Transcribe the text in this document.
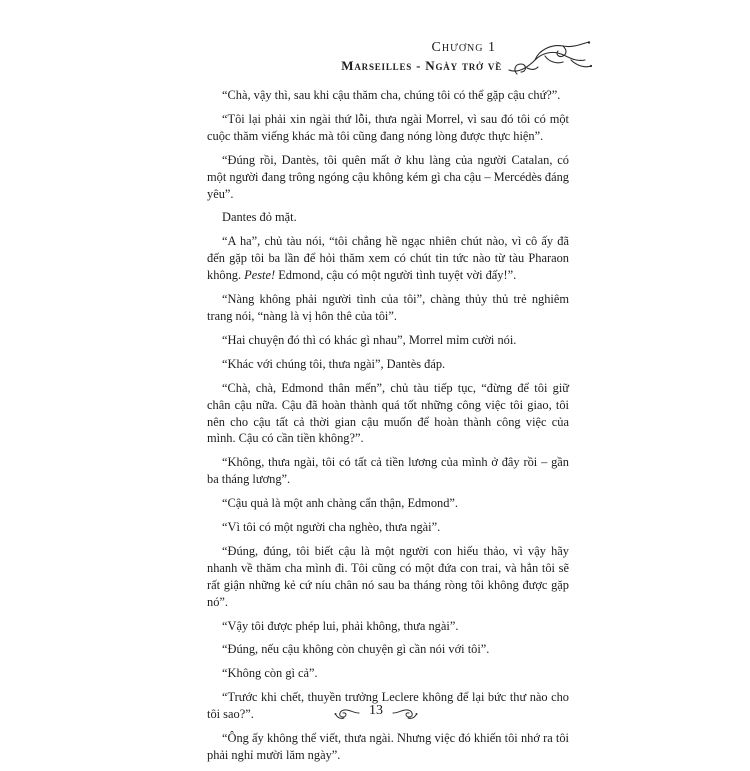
Chương 1
Marseilles - Ngày trở về

“Chà, vậy thì, sau khi cậu thăm cha, chúng tôi có thể gặp cậu chứ?”.

“Tôi lại phải xin ngài thứ lỗi, thưa ngài Morrel, vì sau đó tôi có một cuộc thăm viếng khác mà tôi cũng đang nóng lòng được thực hiện”.

“Đúng rồi, Dantès, tôi quên mất ở khu làng của người Catalan, có một người đang trông ngóng cậu không kém gì cha cậu – Mercédès đáng yêu”.

Dantes đỏ mặt.

“A ha”, chủ tàu nói, “tôi chẳng hề ngạc nhiên chút nào, vì cô ấy đã đến gặp tôi ba lần để hỏi thăm xem có chút tin tức nào từ tàu Pharaon không. Peste! Edmond, cậu có một người tình tuyệt vời đấy!”.

“Nàng không phải người tình của tôi”, chàng thủy thủ trẻ nghiêm trang nói, “nàng là vị hôn thê của tôi”.

“Hai chuyện đó thì có khác gì nhau”, Morrel mỉm cười nói.

“Khác với chúng tôi, thưa ngài”, Dantès đáp.

“Chà, chà, Edmond thân mến”, chủ tàu tiếp tục, “đừng để tôi giữ chân cậu nữa. Cậu đã hoàn thành quá tốt những công việc tôi giao, tôi nên cho cậu tất cả thời gian cậu muốn để hoàn thành công việc của mình. Cậu có cần tiền không?”.

“Không, thưa ngài, tôi có tất cả tiền lương của mình ở đây rồi – gần ba tháng lương”.

“Cậu quả là một anh chàng cẩn thận, Edmond”.

“Vì tôi có một người cha nghèo, thưa ngài”.

“Đúng, đúng, tôi biết cậu là một người con hiếu thảo, vì vậy hãy nhanh về thăm cha mình đi. Tôi cũng có một đứa con trai, và hẳn tôi sẽ rất giận những kẻ cứ níu chân nó sau ba tháng ròng tôi không được gặp nó”.

“Vậy tôi được phép lui, phải không, thưa ngài”.

“Đúng, nếu cậu không còn chuyện gì cần nói với tôi”.

“Không còn gì cả”.

“Trước khi chết, thuyền trưởng Leclere không để lại bức thư nào cho tôi sao?”.

“Ông ấy không thể viết, thưa ngài. Nhưng việc đó khiến tôi nhớ ra tôi phải nghỉ mười lăm ngày”.

13
